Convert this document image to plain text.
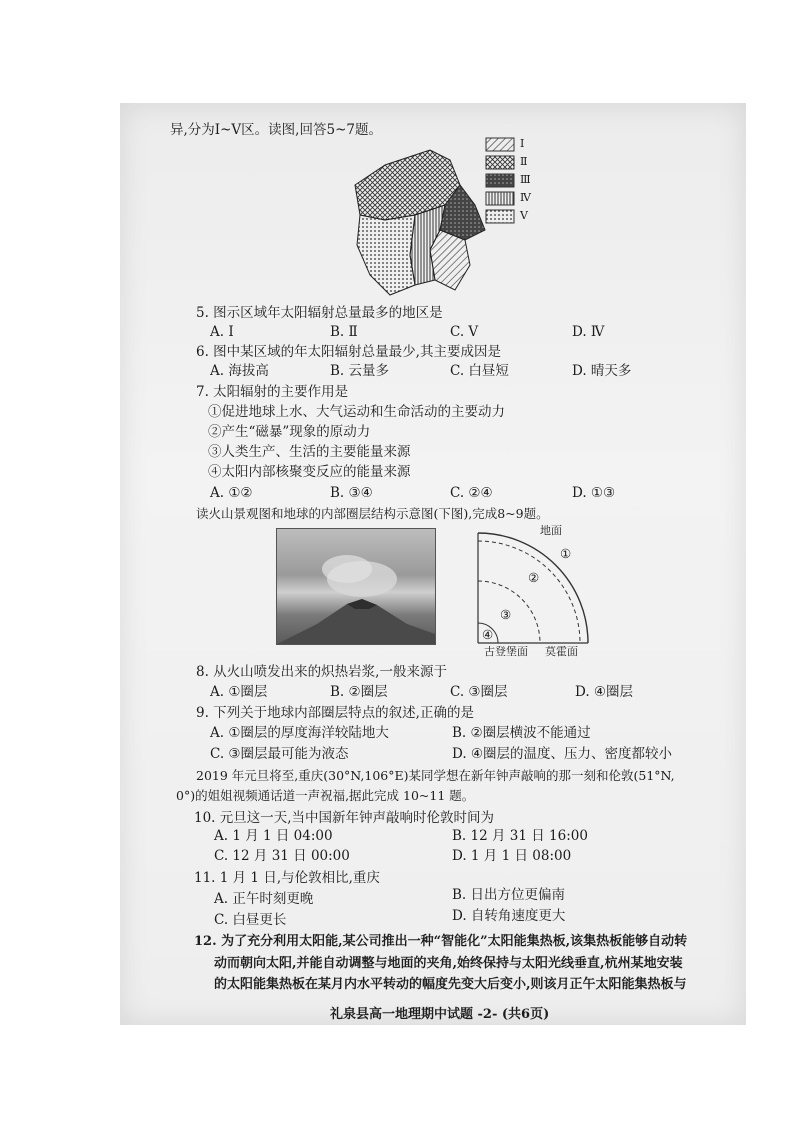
异,分为Ⅰ~Ⅴ区。读图,回答5~7题。
Ⅰ
Ⅱ
Ⅲ
Ⅳ
Ⅴ
5. 图示区域年太阳辐射总量最多的地区是
A. Ⅰ	B. Ⅱ	C. Ⅴ	D. Ⅳ
6. 图中某区域的年太阳辐射总量最少,其主要成因是
A. 海拔高	B. 云量多	C. 白昼短	D. 晴天多
7. 太阳辐射的主要作用是
①促进地球上水、大气运动和生命活动的主要动力
②产生“磁暴”现象的原动力
③人类生产、生活的主要能量来源
④太阳内部核聚变反应的能量来源
A. ①②	B. ③④	C. ②④	D. ①③
读火山景观图和地球的内部圈层结构示意图(下图),完成8~9题。
地面
①
②
③
④
古登堡面 莫霍面
8. 从火山喷发出来的炽热岩浆,一般来源于
A. ①圈层	B. ②圈层	C. ③圈层	D. ④圈层
9. 下列关于地球内部圈层特点的叙述,正确的是
A. ①圈层的厚度海洋较陆地大	B. ②圈层横波不能通过
C. ③圈层最可能为液态	D. ④圈层的温度、压力、密度都较小
2019 年元旦将至,重庆(30°N,106°E)某同学想在新年钟声敲响的那一刻和伦敦(51°N,
0°)的姐姐视频通话道一声祝福,据此完成 10~11 题。
10. 元旦这一天,当中国新年钟声敲响时伦敦时间为
A. 1 月 1 日 04:00	B. 12 月 31 日 16:00
C. 12 月 31 日 00:00	D. 1 月 1 日 08:00
11. 1 月 1 日,与伦敦相比,重庆
A. 正午时刻更晚	B. 日出方位更偏南
C. 白昼更长	D. 自转角速度更大
12. 为了充分利用太阳能,某公司推出一种“智能化”太阳能集热板,该集热板能够自动转
动而朝向太阳,并能自动调整与地面的夹角,始终保持与太阳光线垂直,杭州某地安装
的太阳能集热板在某月内水平转动的幅度先变大后变小,则该月正午太阳能集热板与
礼泉县高一地理期中试题 -2- (共6页)
